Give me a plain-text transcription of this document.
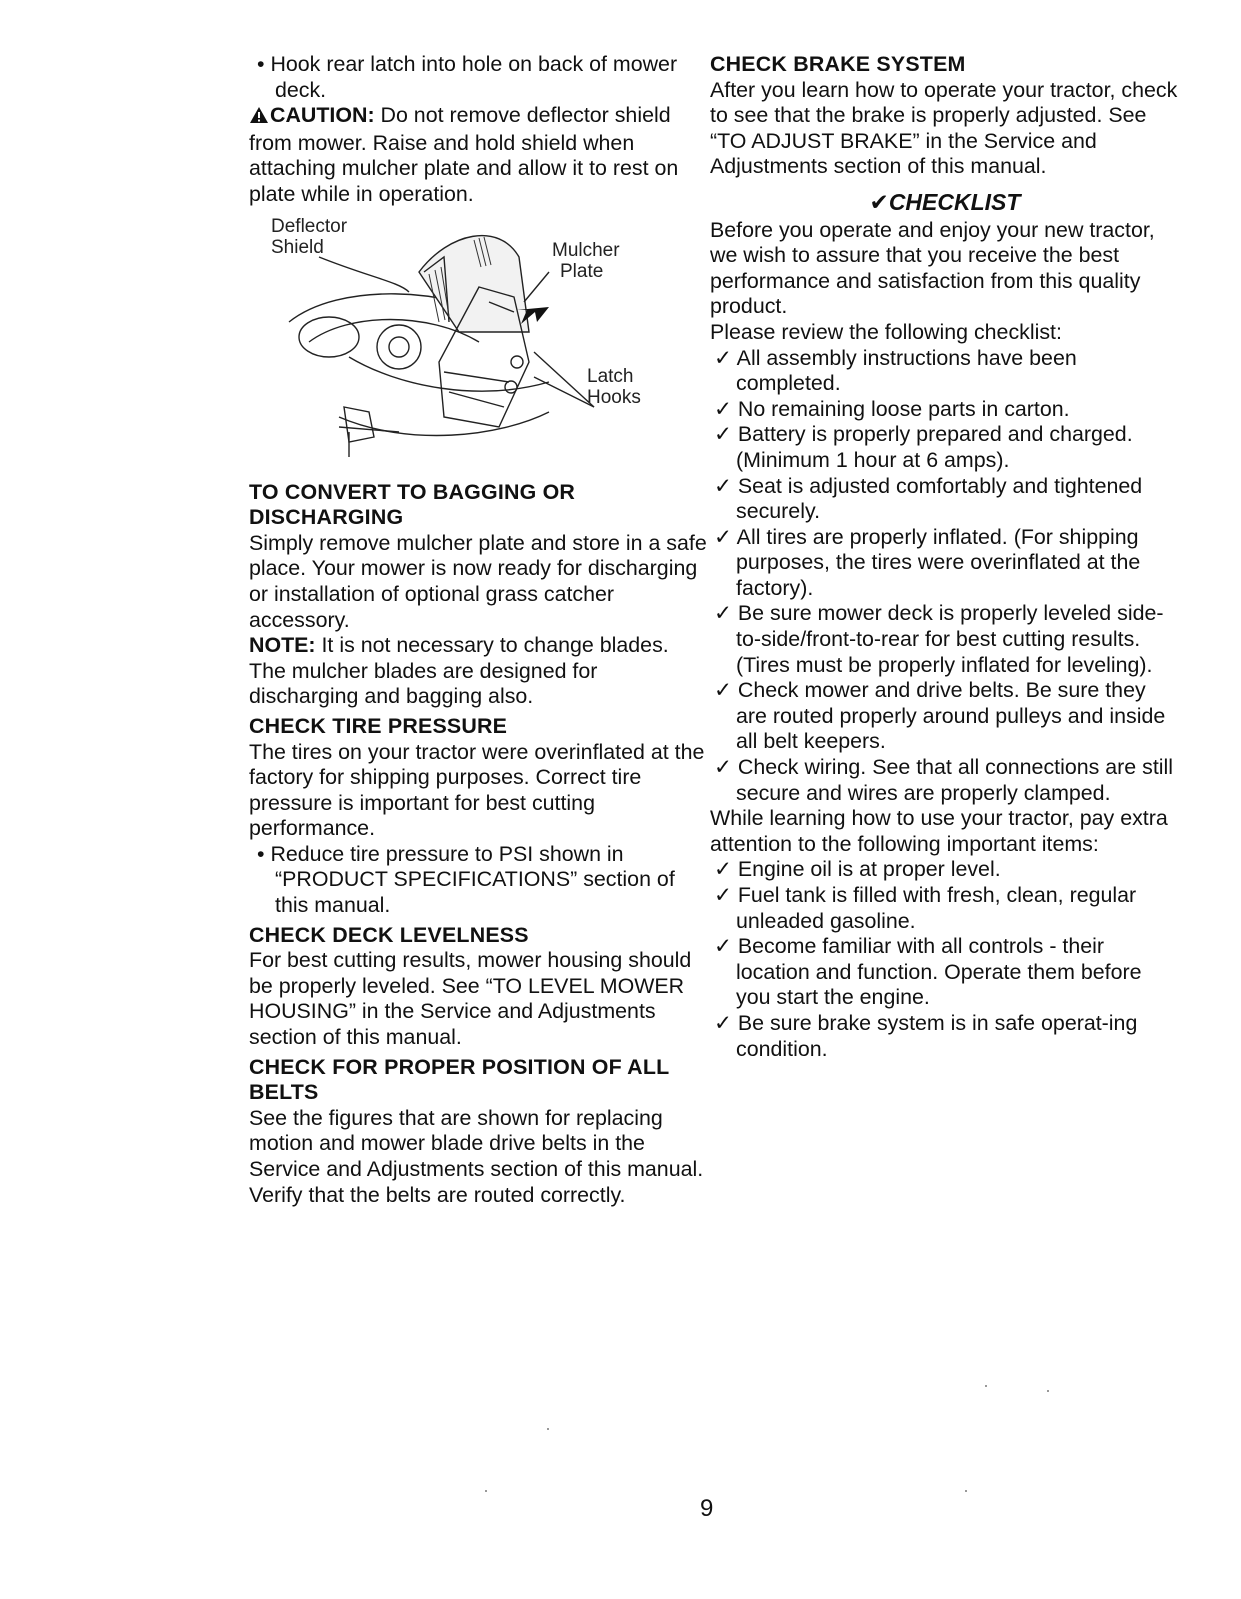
• Hook rear latch into hole on back of mower deck.

CAUTION: Do not remove deflector shield from mower. Raise and hold shield when attaching mulcher plate and allow it to rest on plate while in operation.

Deflector
Shield	Mulcher
Plate
Latch
Hooks

TO CONVERT TO BAGGING OR DISCHARGING

Simply remove mulcher plate and store in a safe place. Your mower is now ready for discharging or installation of optional grass catcher accessory.

NOTE: It is not necessary to change blades. The mulcher blades are designed for discharging and bagging also.

CHECK TIRE PRESSURE

The tires on your tractor were overinflated at the factory for shipping purposes. Correct tire pressure is important for best cutting performance.

• Reduce tire pressure to PSI shown in “PRODUCT SPECIFICATIONS” section of this manual.

CHECK DECK LEVELNESS

For best cutting results, mower housing should be properly leveled. See “TO LEVEL MOWER HOUSING” in the Service and Adjustments section of this manual.

CHECK FOR PROPER POSITION OF ALL BELTS

See the figures that are shown for replacing motion and mower blade drive belts in the Service and Adjustments section of this manual. Verify that the belts are routed correctly.

CHECK BRAKE SYSTEM

After you learn how to operate your tractor, check to see that the brake is properly adjusted. See “TO ADJUST BRAKE” in the Service and Adjustments section of this manual.

✔CHECKLIST

Before you operate and enjoy your new tractor, we wish to assure that you receive the best performance and satisfaction from this quality product.

Please review the following checklist:

✓ All assembly instructions have been completed.

✓ No remaining loose parts in carton.

✓ Battery is properly prepared and charged.(Minimum 1 hour at 6 amps).

✓ Seat is adjusted comfortably and tightened securely.

✓ All tires are properly inflated. (For shipping purposes, the tires were overinflated at the factory).

✓ Be sure mower deck is properly leveled side-to-side/front-to-rear for best cutting results. (Tires must be properly inflated for leveling).

✓ Check mower and drive belts. Be sure they are routed properly around pulleys and inside all belt keepers.

✓ Check wiring. See that all connections are still secure and wires are properly clamped.

While learning how to use your tractor, pay extra attention to the following important items:

✓ Engine oil is at proper level.

✓ Fuel tank is filled with fresh, clean, regular unleaded gasoline.

✓ Become familiar with all controls - their location and function. Operate them before you start the engine.

✓ Be sure brake system is in safe operat-ing condition.

9
